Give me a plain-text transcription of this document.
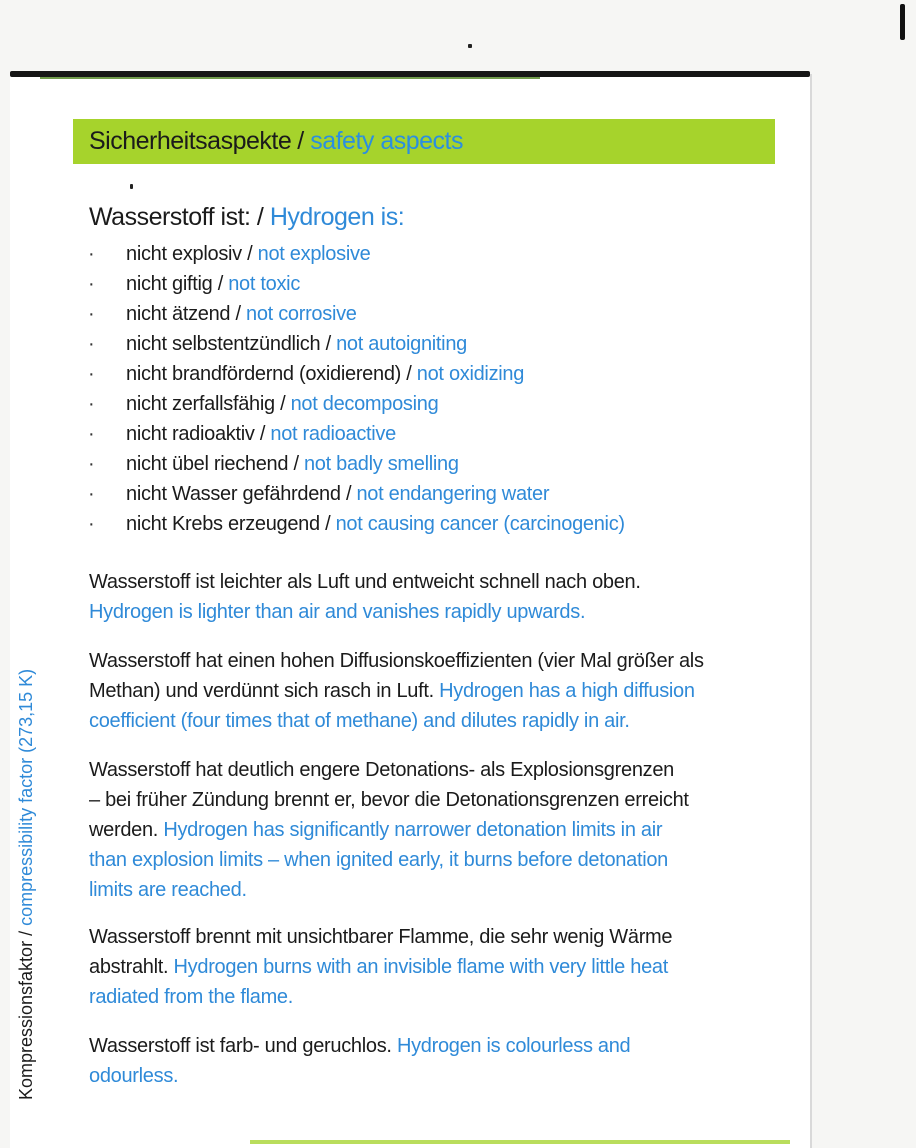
Sicherheitsaspekte / safety aspects
Wasserstoff ist: / Hydrogen is:
·	nicht explosiv / not explosive
·	nicht giftig / not toxic
·	nicht ätzend / not corrosive
·	nicht selbstentzündlich / not autoigniting
·	nicht brandfördernd (oxidierend) / not oxidizing
·	nicht zerfallsfähig / not decomposing
·	nicht radioaktiv / not radioactive
·	nicht übel riechend / not badly smelling
·	nicht Wasser gefährdend / not endangering water
·	nicht Krebs erzeugend / not causing cancer (carcinogenic)
Wasserstoff ist leichter als Luft und entweicht schnell nach oben.
Hydrogen is lighter than air and vanishes rapidly upwards.
Wasserstoff hat einen hohen Diffusionskoeffizienten (vier Mal größer als
Methan) und verdünnt sich rasch in Luft. Hydrogen has a high diffusion
coefficient (four times that of methane) and dilutes rapidly in air.
Wasserstoff hat deutlich engere Detonations- als Explosionsgrenzen
– bei früher Zündung brennt er, bevor die Detonationsgrenzen erreicht
werden. Hydrogen has significantly narrower detonation limits in air
than explosion limits – when ignited early, it burns before detonation
limits are reached.
Wasserstoff brennt mit unsichtbarer Flamme, die sehr wenig Wärme
abstrahlt. Hydrogen burns with an invisible flame with very little heat
radiated from the flame.
Wasserstoff ist farb- und geruchlos. Hydrogen is colourless and
odourless.
Kompressionsfaktor / compressibility factor (273,15 K)
